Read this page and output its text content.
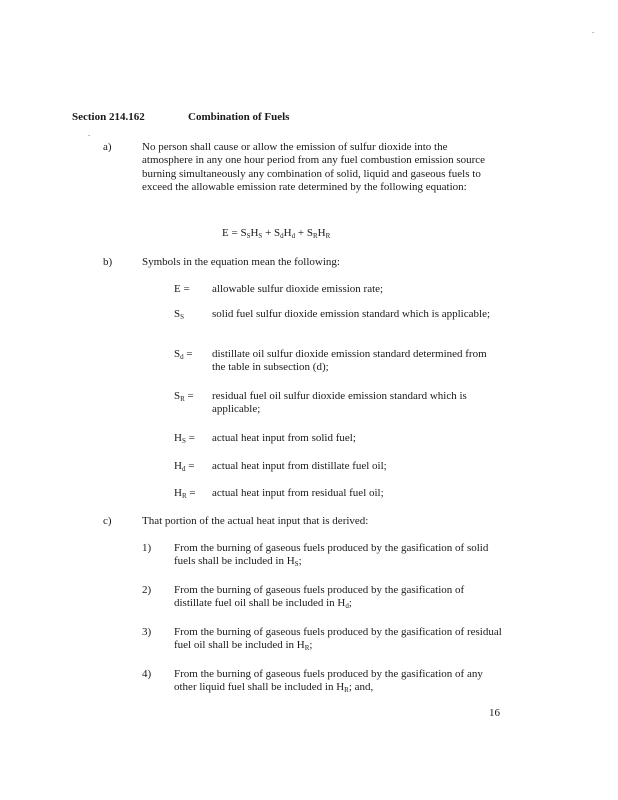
.
.
Section 214.162	Combination of Fuels
a)	No person shall cause or allow the emission of sulfur dioxide into the atmosphere in any one hour period from any fuel combustion emission source burning simultaneously any combination of solid, liquid and gaseous fuels to exceed the allowable emission rate determined by the following equation:
$E = S_SH_S + S_dH_d + S_RH_R$
b)	Symbols in the equation mean the following:
E =	allowable sulfur dioxide emission rate;
$S_S$	solid fuel sulfur dioxide emission standard which is applicable;
$S_d$ =	distillate oil sulfur dioxide emission standard determined from the table in subsection (d);
$S_R$ =	residual fuel oil sulfur dioxide emission standard which is applicable;
$H_S$ =	actual heat input from solid fuel;
$H_d$ =	actual heat input from distillate fuel oil;
$H_R$ =	actual heat input from residual fuel oil;
c)	That portion of the actual heat input that is derived:
1) From the burning of gaseous fuels produced by the gasification of solid fuels shall be included in $H_S$;
2) From the burning of gaseous fuels produced by the gasification of distillate fuel oil shall be included in $H_d$;
3) From the burning of gaseous fuels produced by the gasification of residual fuel oil shall be included in $H_R$;
4) From the burning of gaseous fuels produced by the gasification of any other liquid fuel shall be included in $H_R$; and,
16
